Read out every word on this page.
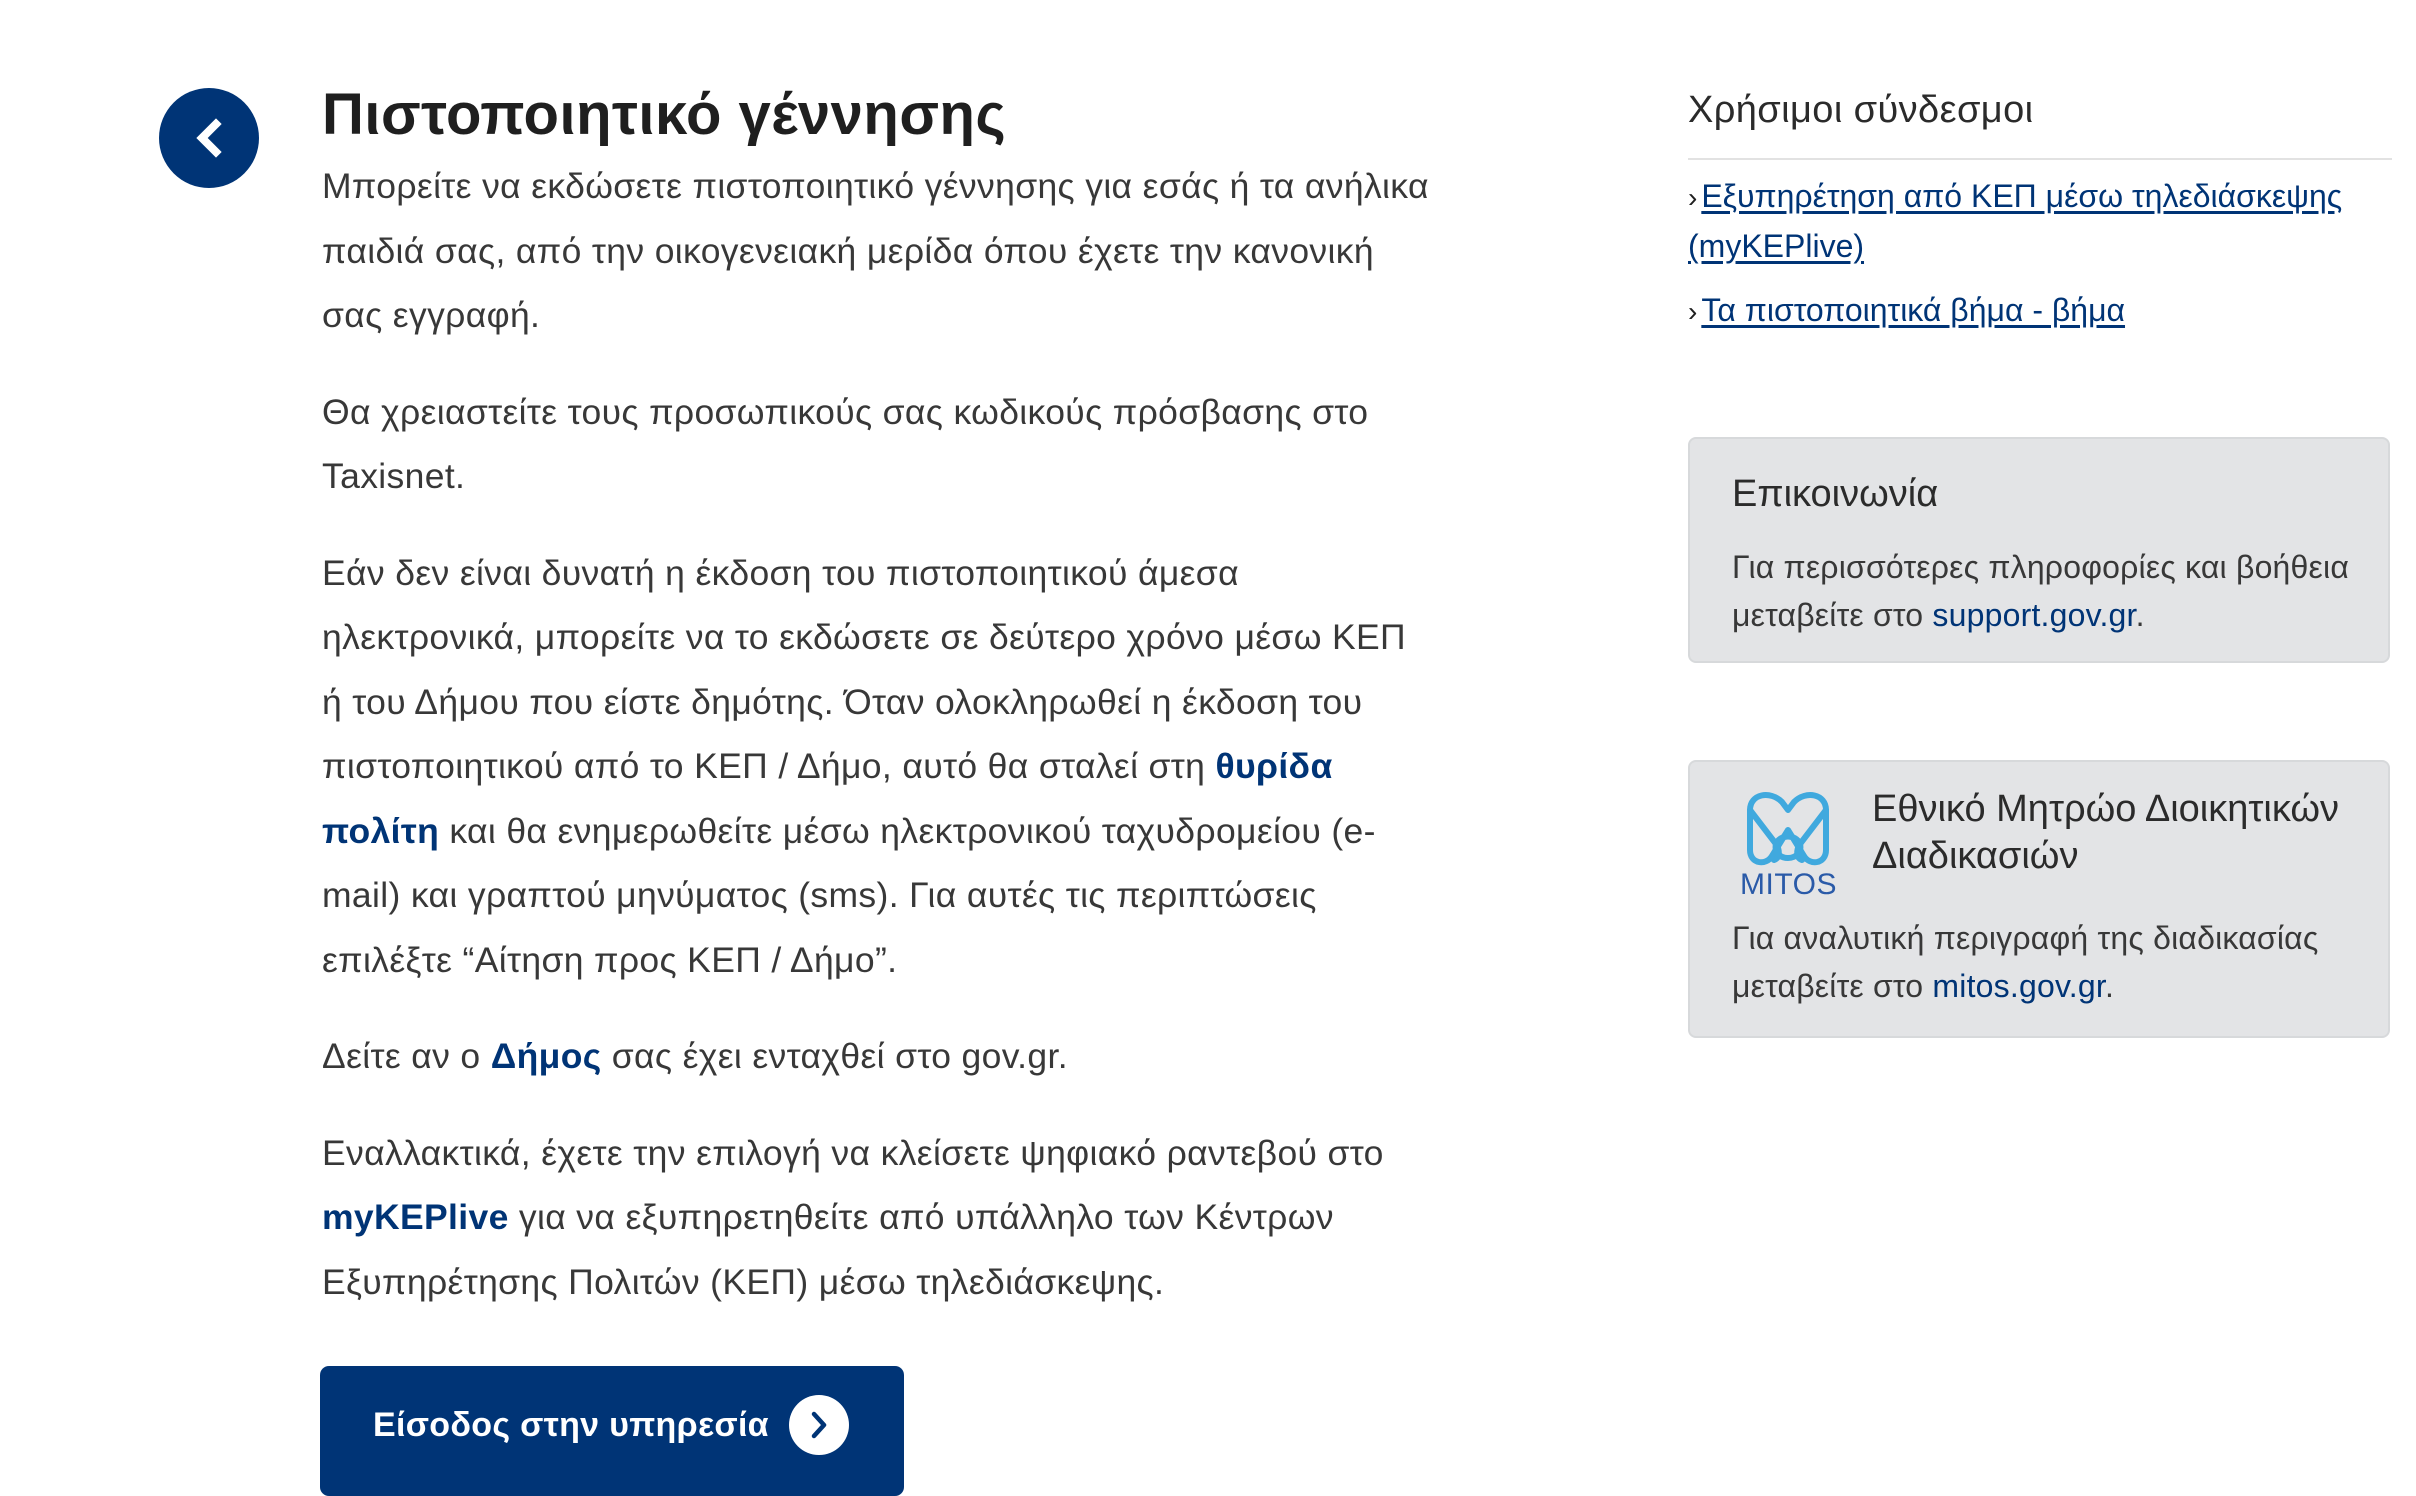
Πιστοποιητικό γέννησης

Μπορείτε να εκδώσετε πιστοποιητικό γέννησης για εσάς ή τα ανήλικα παιδιά σας, από την οικογενειακή μερίδα όπου έχετε την κανονική σας εγγραφή.

Θα χρειαστείτε τους προσωπικούς σας κωδικούς πρόσβασης στο Taxisnet.

Εάν δεν είναι δυνατή η έκδοση του πιστοποιητικού άμεσα ηλεκτρονικά, μπορείτε να το εκδώσετε σε δεύτερο χρόνο μέσω ΚΕΠ ή του Δήμου που είστε δημότης. Όταν ολοκληρωθεί η έκδοση του πιστοποιητικού από το ΚΕΠ / Δήμο, αυτό θα σταλεί στη θυρίδα πολίτη και θα ενημερωθείτε μέσω ηλεκτρονικού ταχυδρομείου (e-mail) και γραπτού μηνύματος (sms). Για αυτές τις περιπτώσεις επιλέξτε “Αίτηση προς ΚΕΠ / Δήμο”.

Δείτε αν ο Δήμος σας έχει ενταχθεί στο gov.gr.

Εναλλακτικά, έχετε την επιλογή να κλείσετε ψηφιακό ραντεβού στο myKEPlive για να εξυπηρετηθείτε από υπάλληλο των Κέντρων Εξυπηρέτησης Πολιτών (ΚΕΠ) μέσω τηλεδιάσκεψης.

Είσοδος στην υπηρεσία
Χρήσιμοι σύνδεσμοι
› Εξυπηρέτηση από ΚΕΠ μέσω τηλεδιάσκεψης (myKEPlive)
› Τα πιστοποιητικά βήμα - βήμα
Επικοινωνία

Για περισσότερες πληροφορίες και βοήθεια μεταβείτε στο support.gov.gr.

MITOS
Εθνικό Μητρώο Διοικητικών Διαδικασιών

Για αναλυτική περιγραφή της διαδικασίας μεταβείτε στο mitos.gov.gr.
